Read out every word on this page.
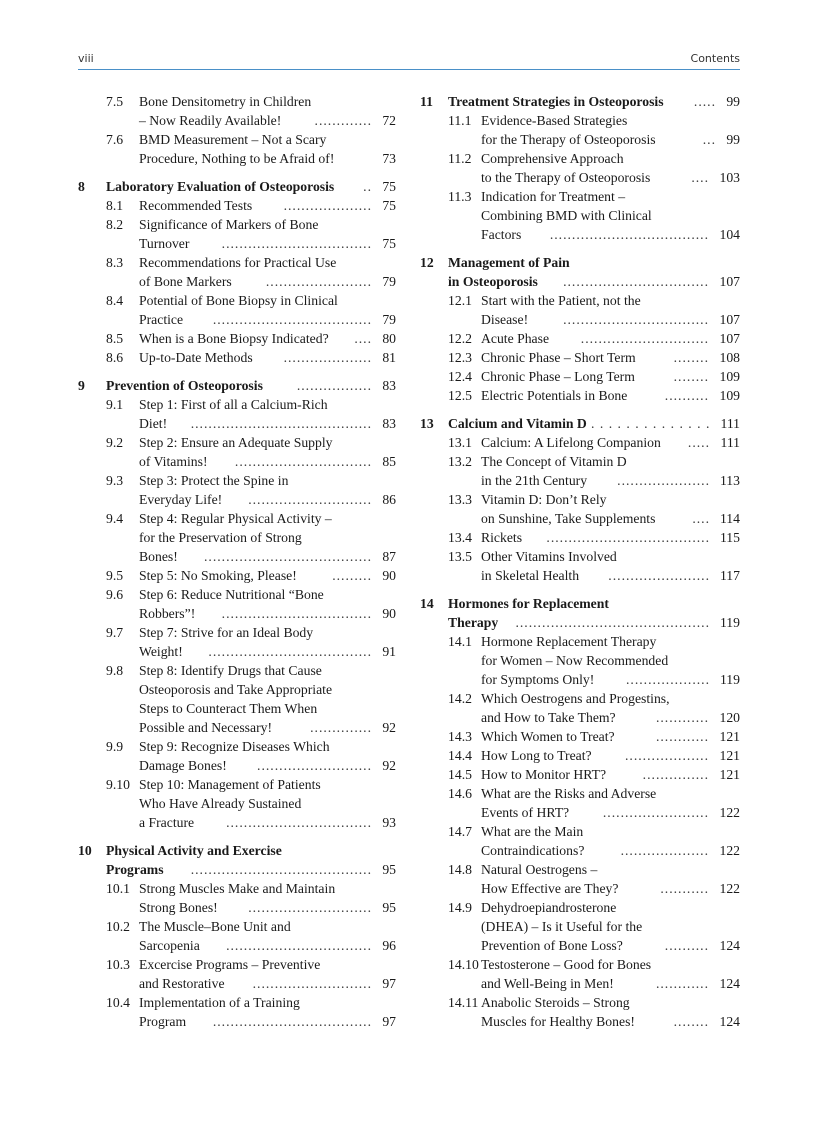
viii	Contents
7.5 Bone Densitometry in Children
– Now Readily Available!	............. 72
7.6 BMD Measurement – Not a Scary
Procedure, Nothing to be Afraid of!	73
8 Laboratory Evaluation of Osteoporosis	.. 75
8.1 Recommended Tests	.................... 75
8.2 Significance of Markers of Bone
Turnover	.................................. 75
8.3 Recommendations for Practical Use
of Bone Markers	........................ 79
8.4 Potential of Bone Biopsy in Clinical
Practice	.................................... 79
8.5 When is a Bone Biopsy Indicated?	.... 80
8.6 Up-to-Date Methods	.................... 81
9 Prevention of Osteoporosis	................. 83
9.1 Step 1: First of all a Calcium-Rich
Diet!	......................................... 83
9.2 Step 2: Ensure an Adequate Supply
of Vitamins!	............................... 85
9.3 Step 3: Protect the Spine in
Everyday Life!	............................ 86
9.4 Step 4: Regular Physical Activity –
for the Preservation of Strong
Bones!	...................................... 87
9.5 Step 5: No Smoking, Please!	......... 90
9.6 Step 6: Reduce Nutritional “Bone
Robbers”!	.................................. 90
9.7 Step 7: Strive for an Ideal Body
Weight!	..................................... 91
9.8 Step 8: Identify Drugs that Cause
Osteoporosis and Take Appropriate
Steps to Counteract Them When
Possible and Necessary!	.............. 92
9.9 Step 9: Recognize Diseases Which
Damage Bones!	.......................... 92
9.10 Step 10: Management of Patients
Who Have Already Sustained
a Fracture	................................. 93
10 Physical Activity and Exercise
Programs	......................................... 95
10.1 Strong Muscles Make and Maintain
Strong Bones!	............................ 95
10.2 The Muscle–Bone Unit and
Sarcopenia	................................. 96
10.3 Excercise Programs – Preventive
and Restorative	........................... 97
10.4 Implementation of a Training
Program	.................................... 97
11 Treatment Strategies in Osteoporosis	..... 99
11.1 Evidence-Based Strategies
for the Therapy of Osteoporosis	... 99
11.2 Comprehensive Approach
to the Therapy of Osteoporosis	.... 103
11.3 Indication for Treatment –
Combining BMD with Clinical
Factors	.................................... 104
12 Management of Pain
in Osteoporosis	................................. 107
12.1 Start with the Patient, not the
Disease!	................................. 107
12.2 Acute Phase	............................. 107
12.3 Chronic Phase – Short Term	........ 108
12.4 Chronic Phase – Long Term	........ 109
12.5 Electric Potentials in Bone	.......... 109
13 Calcium and Vitamin D . . . . . . . . . . . . . . 111
13.1 Calcium: A Lifelong Companion	..... 111
13.2 The Concept of Vitamin D
in the 21th Century	..................... 113
13.3 Vitamin D: Don’t Rely
on Sunshine, Take Supplements	.... 114
13.4 Rickets	..................................... 115
13.5 Other Vitamins Involved
in Skeletal Health	....................... 117
14 Hormones for Replacement
Therapy	............................................ 119
14.1 Hormone Replacement Therapy
for Women – Now Recommended
for Symptoms Only!	................... 119
14.2 Which Oestrogens and Progestins,
and How to Take Them?	............ 120
14.3 Which Women to Treat?	............ 121
14.4 How Long to Treat?	................... 121
14.5 How to Monitor HRT?	............... 121
14.6 What are the Risks and Adverse
Events of HRT?	........................ 122
14.7 What are the Main
Contraindications?	.................... 122
14.8 Natural Oestrogens –
How Effective are They?	........... 122
14.9 Dehydroepiandrosterone
(DHEA) – Is it Useful for the
Prevention of Bone Loss?	.......... 124
14.10 Testosterone – Good for Bones
and Well-Being in Men!	............ 124
14.11 Anabolic Steroids – Strong
Muscles for Healthy Bones!	........ 124
